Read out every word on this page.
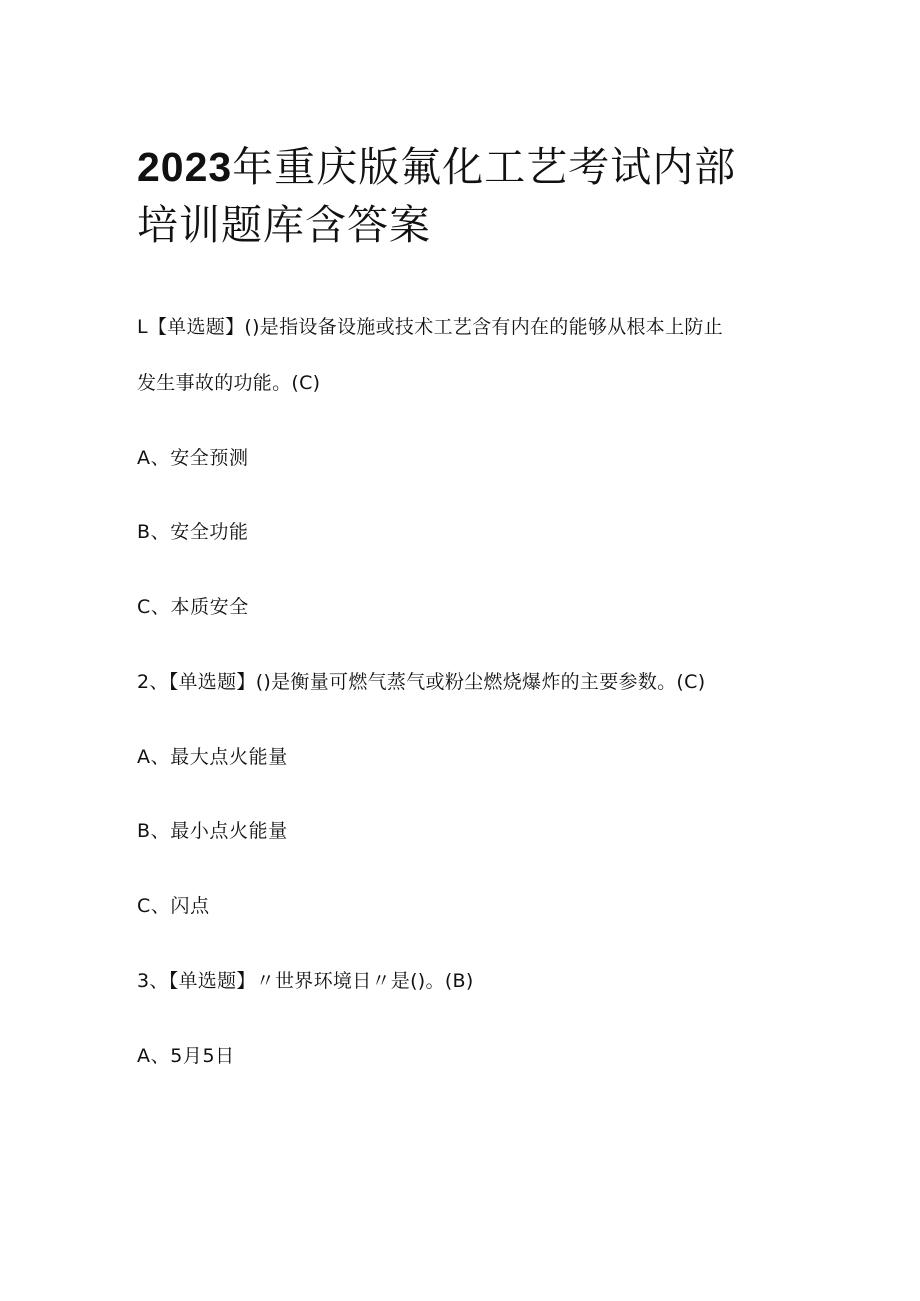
2023年重庆版氟化工艺考试内部
培训题库含答案
L【单选题】()是指设备设施或技术工艺含有内在的能够从根本上防止
发生事故的功能。(C)
A、安全预测
B、安全功能
C、本质安全
2、【单选题】()是衡量可燃气蒸气或粉尘燃烧爆炸的主要参数。(C)
A、最大点火能量
B、最小点火能量
C、闪点
3、【单选题】〃世界环境日〃是()。(B)
A、5月5日
